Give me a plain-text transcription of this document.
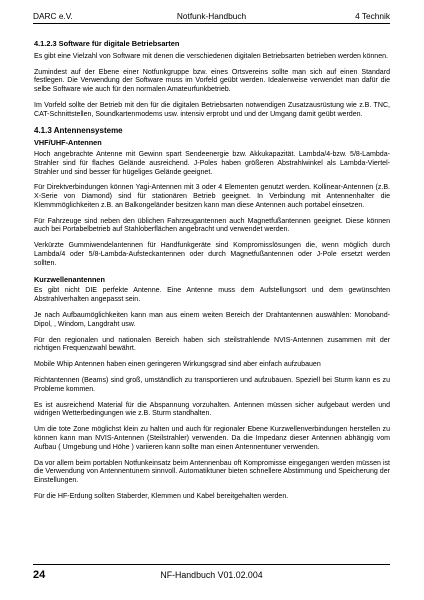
DARC e.V.	Notfunk-Handbuch	4 Technik
4.1.2.3 Software für digitale Betriebsarten

Es gibt eine Vielzahl von Software mit denen die verschiedenen digitalen Betriebsarten betrieben werden können.

Zumindest auf der Ebene einer Notfunkgruppe bzw. eines Ortsvereins sollte man sich auf einen Standard festlegen. Die Verwendung der Software muss im Vorfeld geübt werden. Idealerweise verwendet man dafür die selbe Software wie auch für den normalen Amateurfunkbetrieb.

Im Vorfeld sollte der Betrieb mit den für die digitalen Betriebsarten notwendigen Zusatzausrüstung wie z.B. TNC, CAT-Schnittstellen, Soundkartenmodems usw. intensiv erprobt und und der Umgang damit geübt werden.

4.1.3 Antennensysteme
VHF/UHF-Antennen

Hoch angebrachte Antenne mit Gewinn spart Sendeenergie bzw. Akkukapazität. Lambda/4-bzw. 5/8-Lambda-Strahler sind für flaches Gelände ausreichend. J-Poles haben größeren Abstrahlwinkel als Lambda-Viertel-Strahler und sind besser für hügeliges Gelände geeignet.

Für Direktverbindungen können Yagi-Antennen mit 3 oder 4 Elementen genutzt werden. Kollinear-Antennen (z.B. X-Serie von Diamond) sind für stationären Betrieb geeignet. In Verbindung mit Antennenhalter die Klemmmöglichkeiten z.B. an Balkongeländer besitzen kann man diese Antennen auch portabel einsetzen.

Für Fahrzeuge sind neben den üblichen Fahrzeugantennen auch Magnetfußantennen geeignet. Diese können auch bei Portabelbetrieb auf Stahloberflächen angebracht und verwendet werden.

Verkürzte Gummiwendelantennen für Handfunkgeräte sind Kompromisslösungen die, wenn möglich durch Lambda/4 oder 5/8-Lambda-Aufsteckantennen oder durch Magnetfußantennen oder J-Pole ersetzt werden sollten.

Kurzwellenantennen

Es gibt nicht DIE perfekte Antenne. Eine Antenne muss dem Aufstellungsort und dem gewünschten Abstrahlverhalten angepasst sein.

Je nach Aufbaumöglichkeiten kann man aus einem weiten Bereich der Drahtantennen auswählen: Monoband-Dipol, , Windom, Langdraht usw.

Für den regionalen und nationalen Bereich haben sich steilstrahlende NVIS-Antennen zusammen mit der richtigen Frequenzwahl bewährt.

Mobile Whip Antennen haben einen geringeren Wirkungsgrad sind aber einfach aufzubauen

Richtantennen (Beams) sind groß, umständlich zu transportieren und aufzubauen. Speziell bei Sturm kann es zu Probleme kommen.

Es ist ausreichend Material für die Abspannung vorzuhalten. Antennen müssen sicher aufgebaut werden und widrigen Wetterbedingungen wie z.B. Sturm standhalten.

Um die tote Zone möglichst klein zu halten und auch für regionaler Ebene Kurzwellenverbindungen herstellen zu können kann man NVIS-Antennen (Steilstrahler) verwenden. Da die Impedanz dieser Antennen abhängig vom Aufbau ( Umgebung und Höhe ) variieren kann sollte man einen Antennentuner verwenden.

Da vor allem beim portablen Notfunkeinsatz beim Antennenbau oft Kompromisse eingegangen werden müssen ist die Verwendung von Antennentunern sinnvoll. Automatiktuner bieten schnellere Abstimmung und Speicherung der Einstellungen.

Für die HF-Erdung sollten Staberder, Klemmen und Kabel bereitgehalten werden.

24	NF-Handbuch V01.02.004
